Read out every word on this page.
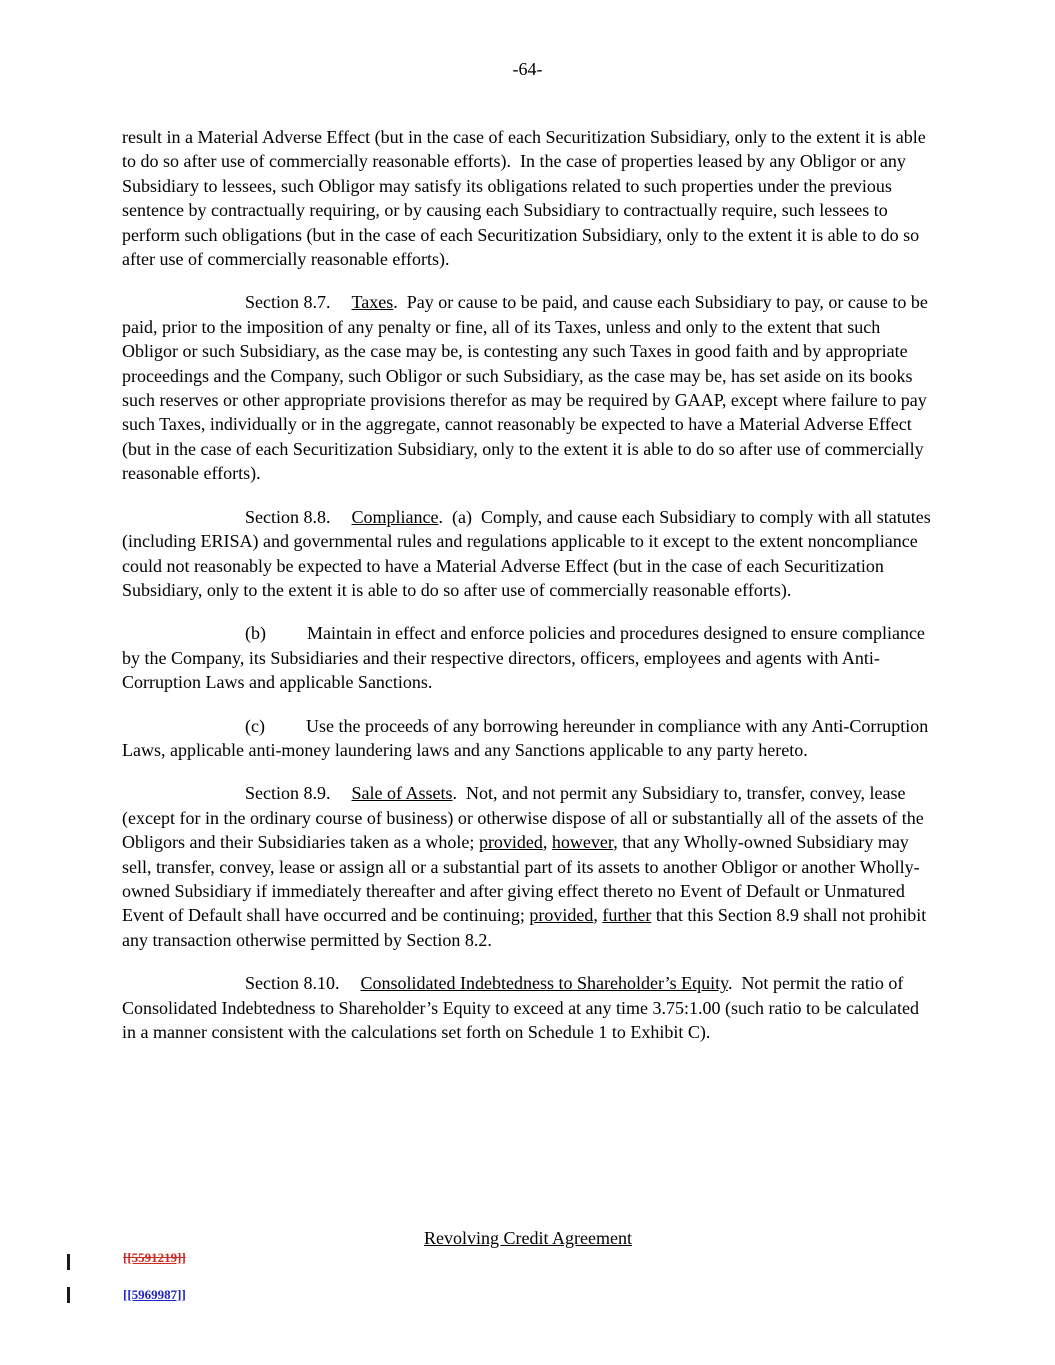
-64-

result in a Material Adverse Effect (but in the case of each Securitization Subsidiary, only to the extent it is able to do so after use of commercially reasonable efforts).  In the case of properties leased by any Obligor or any Subsidiary to lessees, such Obligor may satisfy its obligations related to such properties under the previous sentence by contractually requiring, or by causing each Subsidiary to contractually require, such lessees to perform such obligations (but in the case of each Securitization Subsidiary, only to the extent it is able to do so after use of commercially reasonable efforts).

Section 8.7. Taxes.  Pay or cause to be paid, and cause each Subsidiary to pay, or cause to be paid, prior to the imposition of any penalty or fine, all of its Taxes, unless and only to the extent that such Obligor or such Subsidiary, as the case may be, is contesting any such Taxes in good faith and by appropriate proceedings and the Company, such Obligor or such Subsidiary, as the case may be, has set aside on its books such reserves or other appropriate provisions therefor as may be required by GAAP, except where failure to pay such Taxes, individually or in the aggregate, cannot reasonably be expected to have a Material Adverse Effect (but in the case of each Securitization Subsidiary, only to the extent it is able to do so after use of commercially reasonable efforts).

Section 8.8. Compliance.  (a)  Comply, and cause each Subsidiary to comply with all statutes (including ERISA) and governmental rules and regulations applicable to it except to the extent noncompliance could not reasonably be expected to have a Material Adverse Effect (but in the case of each Securitization Subsidiary, only to the extent it is able to do so after use of commercially reasonable efforts).

(b) Maintain in effect and enforce policies and procedures designed to ensure compliance by the Company, its Subsidiaries and their respective directors, officers, employees and agents with Anti-Corruption Laws and applicable Sanctions.

(c) Use the proceeds of any borrowing hereunder in compliance with any Anti-Corruption Laws, applicable anti-money laundering laws and any Sanctions applicable to any party hereto.

Section 8.9. Sale of Assets.  Not, and not permit any Subsidiary to, transfer, convey, lease (except for in the ordinary course of business) or otherwise dispose of all or substantially all of the assets of the Obligors and their Subsidiaries taken as a whole; provided, however, that any Wholly-owned Subsidiary may sell, transfer, convey, lease or assign all or a substantial part of its assets to another Obligor or another Wholly-owned Subsidiary if immediately thereafter and after giving effect thereto no Event of Default or Unmatured Event of Default shall have occurred and be continuing; provided, further that this Section 8.9 shall not prohibit any transaction otherwise permitted by Section 8.2.

Section 8.10. Consolidated Indebtedness to Shareholder’s Equity.  Not permit the ratio of Consolidated Indebtedness to Shareholder’s Equity to exceed at any time 3.75:1.00 (such ratio to be calculated in a manner consistent with the calculations set forth on Schedule 1 to Exhibit C).

Revolving Credit Agreement
[[5591219]]
[[5969987]]
